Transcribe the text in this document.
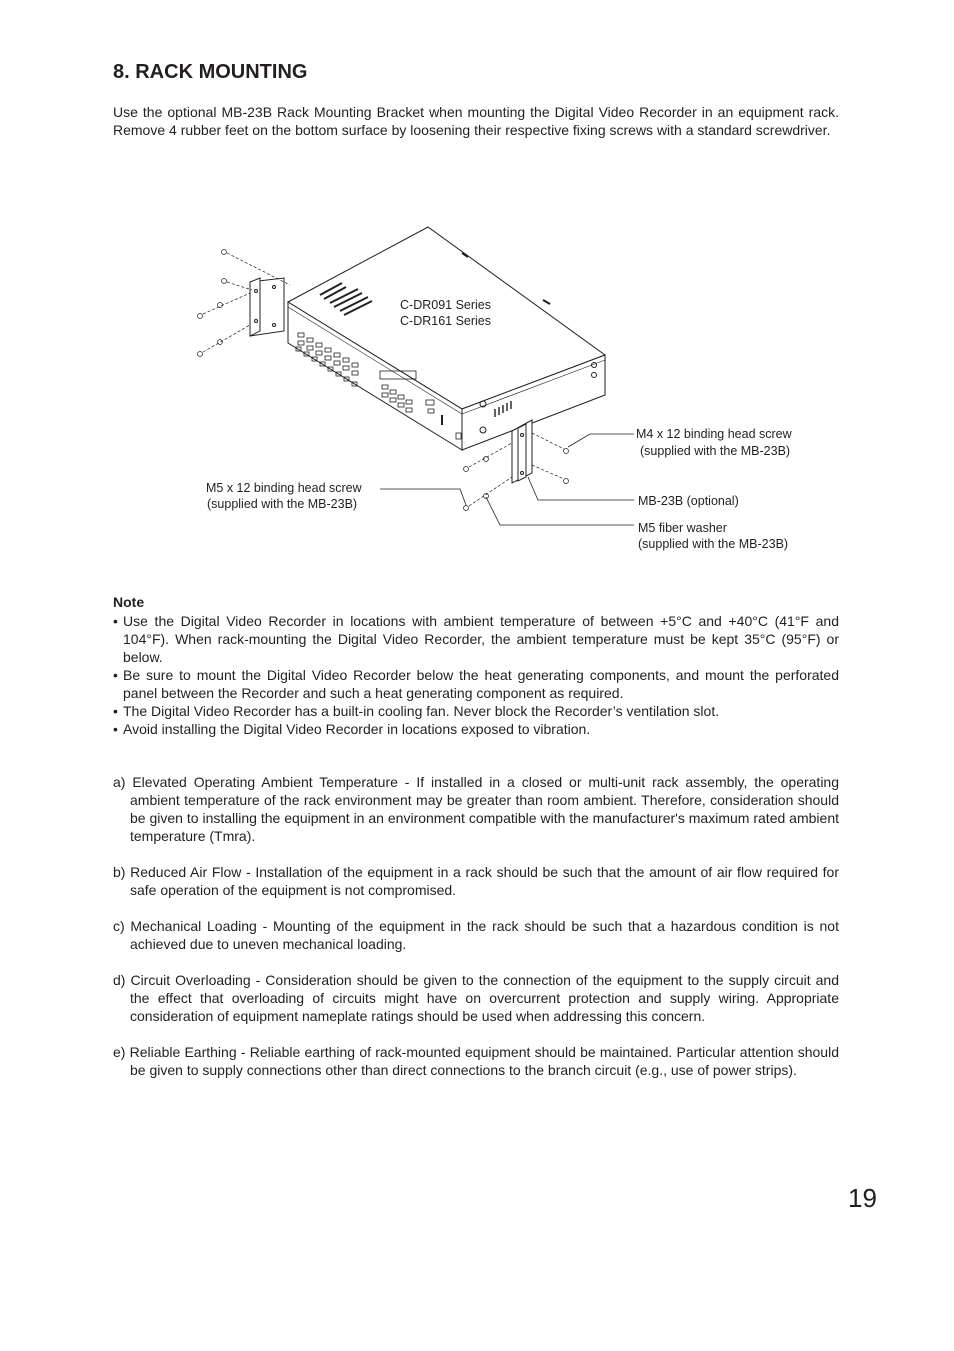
8. RACK MOUNTING

Use the optional MB-23B Rack Mounting Bracket when mounting the Digital Video Recorder in an equipment rack. Remove 4 rubber feet on the bottom surface by loosening their respective fixing screws with a standard screwdriver.

C-DR091 Series

C-DR161 Series

M4 x 12 binding head screw

(supplied with the MB-23B)

M5 x 12 binding head screw

(supplied with the MB-23B)	MB-23B (optional)

M5 fiber washer

(supplied with the MB-23B)

Note

• Use the Digital Video Recorder in locations with ambient temperature of between +5°C and +40°C (41°F and 104°F). When rack-mounting the Digital Video Recorder, the ambient temperature must be kept 35°C (95°F) or below.
• Be sure to mount the Digital Video Recorder below the heat generating components, and mount the perforated panel between the Recorder and such a heat generating component as required.
• The Digital Video Recorder has a built-in cooling fan. Never block the Recorder’s ventilation slot.
• Avoid installing the Digital Video Recorder in locations exposed to vibration.
a) Elevated Operating Ambient Temperature - If installed in a closed or multi-unit rack assembly, the operating ambient temperature of the rack environment may be greater than room ambient. Therefore, consideration should be given to installing the equipment in an environment compatible with the manufacturer's maximum rated ambient temperature (Tmra).
b) Reduced Air Flow - Installation of the equipment in a rack should be such that the amount of air flow required for safe operation of the equipment is not compromised.
c) Mechanical Loading - Mounting of the equipment in the rack should be such that a hazardous condition is not achieved due to uneven mechanical loading.
d) Circuit Overloading - Consideration should be given to the connection of the equipment to the supply circuit and the effect that overloading of circuits might have on overcurrent protection and supply wiring. Appropriate consideration of equipment nameplate ratings should be used when addressing this concern.
e) Reliable Earthing - Reliable earthing of rack-mounted equipment should be maintained. Particular attention should be given to supply connections other than direct connections to the branch circuit (e.g., use of power strips).

19
